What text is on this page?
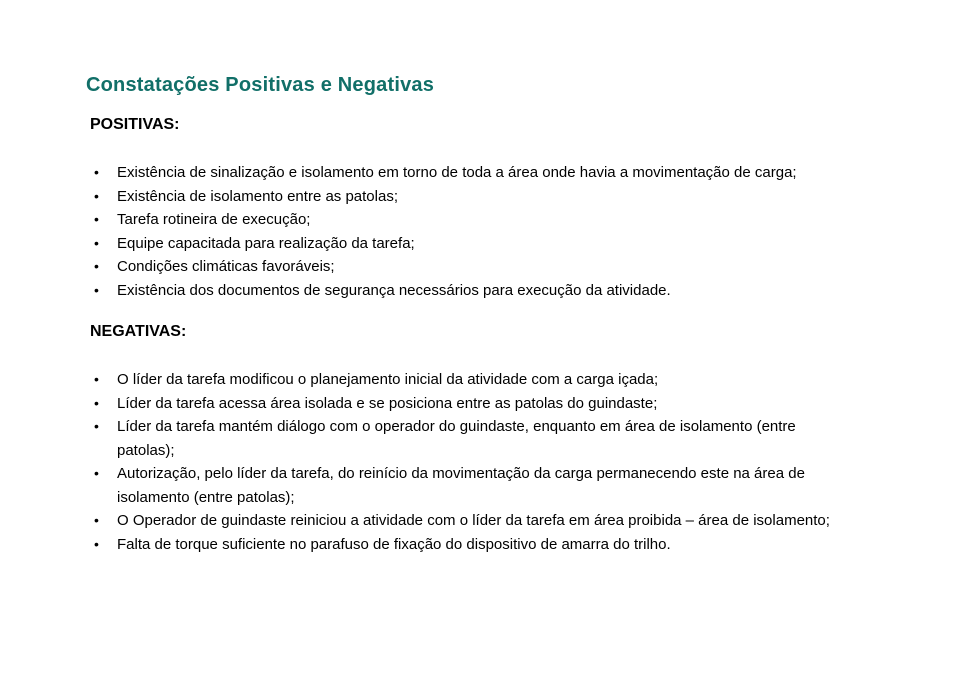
Constatações Positivas e Negativas
POSITIVAS:
•	Existência de sinalização e isolamento em torno de toda a área onde havia a movimentação de carga;
•	Existência de isolamento entre as patolas;
•	Tarefa rotineira de execução;
•	Equipe capacitada para realização da tarefa;
•	Condições climáticas favoráveis;
•	Existência dos documentos de segurança necessários para execução da atividade.
NEGATIVAS:
•	O líder da tarefa modificou o planejamento inicial da atividade com a carga içada;
•	Líder da tarefa acessa área isolada e se posiciona entre as patolas do guindaste;
•	Líder da tarefa mantém diálogo com o operador do guindaste, enquanto em área de isolamento (entre patolas);
•	Autorização, pelo líder da tarefa, do reinício da movimentação da carga permanecendo este na área de isolamento (entre patolas);
•	O Operador de guindaste reiniciou a atividade com o líder da tarefa em área proibida – área de isolamento;
•	Falta de torque suficiente no parafuso de fixação do dispositivo de amarra do trilho.
